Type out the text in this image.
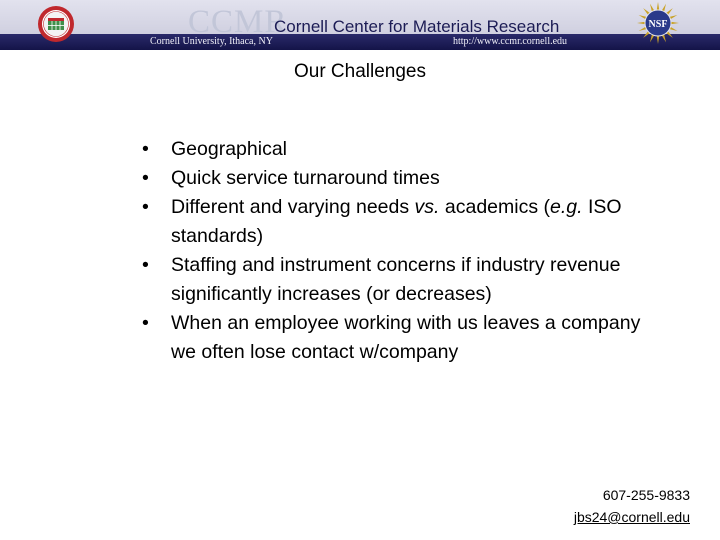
CCMR
Cornell Center for Materials Research
Cornell University, Ithaca, NY	http://www.ccmr.cornell.edu
NSF
Our Challenges
• Geographical
• Quick service turnaround times
• Different and varying needs vs. academics (e.g. ISO standards)
• Staffing and instrument concerns if industry revenue significantly increases (or decreases)
• When an employee working with us leaves a company we often lose contact w/company
607-255-9833
jbs24@cornell.edu
